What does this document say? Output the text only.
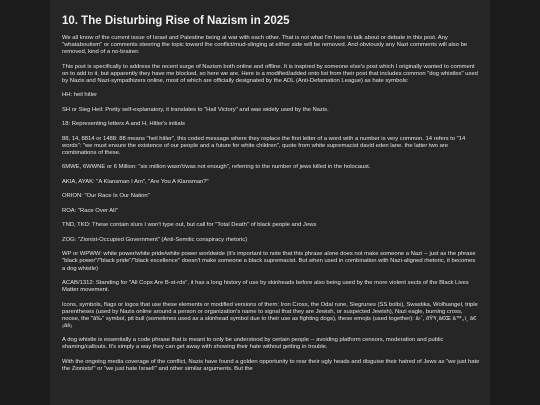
10. The Disturbing Rise of Nazism in 2025

We all know of the current issue of Israel and Palestine being at war with each other. That is not what I'm here to talk about or debate in this post. Any "whataboutism" or comments steering the topic toward the conflict/mud-slinging at either side will be removed. And obviously any Nazi comments will also be removed, kind of a no-brainer.

This post is specifically to address the recent surge of Nazism both online and offline. It is inspired by someone else's post which I originally wanted to comment on to add to it, but apparently they have me blocked, so here we are. Here is a modified/added onto list from their post that includes common "dog whistles" used by Nazis and Nazi-sympathizers online, most of which are officially designated by the ADL (Anti-Defamation League) as hate symbols:

HH: heil hitler

SH or Sieg Heil: Pretty self-explanatory, it translates to "Hail Victory" and was widely used by the Nazis.

18: Representing letters A and H, Hitler's initials

88, 14, 8814 or 1488: 88 means "heil hitler", this coded message where they replace the first letter of a word with a number is very common. 14 refers to "14 words": "we must ensure the existence of our people and a future for white children", quote from white supremacist david eden lane. the latter two are combinations of these.

6MWE, 6WWNE or 6 Million: "six million wasn't/was not enough", referring to the number of jews killed in the holocaust.

AKIA, AYAK: "A Klansman I Am", "Are You A Klansman?"

ORION: "Our Race Is Our Nation"

ROA: "Race Over All"

TND, TKD: These contain slurs I won't type out, but call for "Total Death" of black people and Jews

ZOG: "Zionist-Occupied Government" (Anti-Semitic conspiracy rhetoric)

WP or WPWW: white power/white pride/white power worldwide (it's important to note that this phrase alone does not make someone a Nazi -- just as the phrase "black power"/"black pride"/"black excellence" doesn't make someone a black supremacist. But when used in combination with Nazi-aligned rhetoric, it becomes a dog whistle)

ACAB/1312: Standing for "All Cops Are B-st-rds", it has a long history of use by skinheads before also being used by the more violent sects of the Black Lives Matter movement.

Icons, symbols, flags or logos that use these elements or modified versions of them: Iron Cross, the Odal rune, Siegrunes (SS bolts), Swastika, Wolfsangel, triple parentheses (used by Nazis online around a person or organization's name to signal that they are Jewish, or suspected Jewish), Nazi eagle, burning cross, noose, the "â‰" symbol, pit bull (sometimes used as a skinhead symbol due to their use as fighting dogs), these emojis (used together): â›ˆ, ðŸ³ï¸â€Œ â™‚,ï¸ â€¡âš¡

A dog whistle is essentially a code phrase that is meant to only be understood by certain people -- avoiding platform censors, moderation and public shaming/callouts. It's simply a way they can get away with showing their hate without getting in trouble.

With the ongoing media coverage of the conflict, Nazis have found a golden opportunity to rear their ugly heads and disguise their hatred of Jews as "we just hate the Zionists!" or "we just hate Israel!" and other similar arguments. But the
